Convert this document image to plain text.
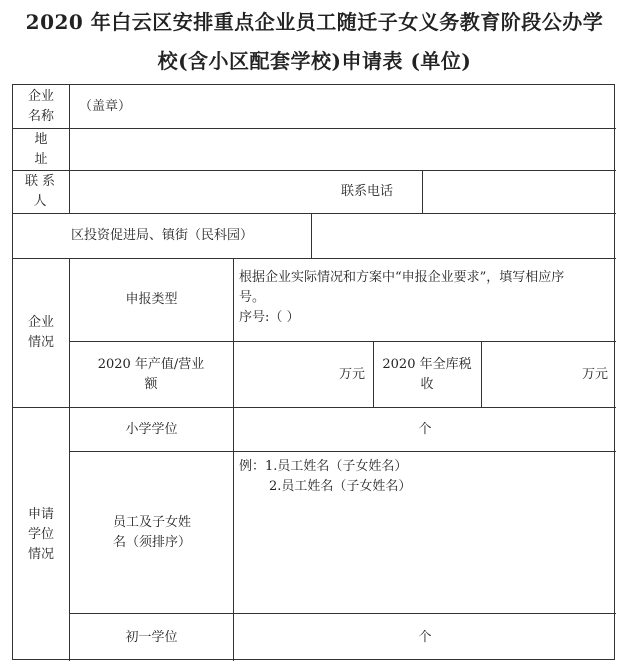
2020 年白云区安排重点企业员工随迁子女义务教育阶段公办学
校(含小区配套学校)申请表 (单位)
企业名称
（盖章）
地址
联系人
联系电话
区投资促进局、镇街（民科园）
企业情况
申报类型
根据企业实际情况和方案中“申报企业要求”，填写相应序
号。
序号:（ ）
2020 年产值/营业额
万元
2020 年全库税收
万元
申请学位情况
小学学位	个
员工及子女姓名（须排序）
例：1.员工姓名（子女姓名）
2.员工姓名（子女姓名）
初一学位	个
